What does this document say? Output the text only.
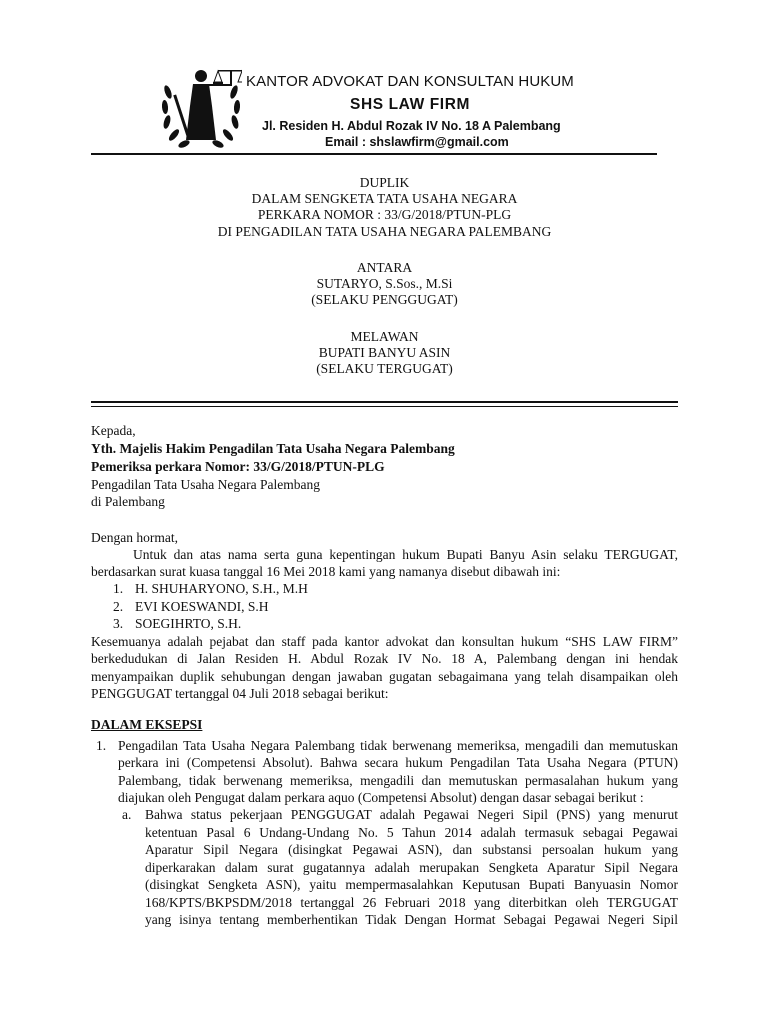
KANTOR ADVOKAT DAN KONSULTAN HUKUM
SHS LAW FIRM
Jl. Residen H. Abdul Rozak IV No. 18 A Palembang
Email : shslawfirm@gmail.com
DUPLIK
DALAM SENGKETA TATA USAHA NEGARA
PERKARA NOMOR : 33/G/2018/PTUN-PLG
DI PENGADILAN TATA USAHA NEGARA PALEMBANG
ANTARA
SUTARYO, S.Sos., M.Si
(SELAKU PENGGUGAT)
MELAWAN
BUPATI BANYU ASIN
(SELAKU TERGUGAT)
Kepada,
Yth. Majelis Hakim Pengadilan Tata Usaha Negara Palembang
Pemeriksa perkara Nomor: 33/G/2018/PTUN-PLG
Pengadilan Tata Usaha Negara Palembang
di Palembang
Dengan hormat,
Untuk dan atas nama serta guna kepentingan hukum Bupati Banyu Asin selaku TERGUGAT,
berdasarkan surat kuasa tanggal 16 Mei 2018 kami yang namanya disebut dibawah ini:
1. H. SHUHARYONO, S.H., M.H
2. EVI KOESWANDI, S.H
3. SOEGIHRTO, S.H.
Kesemuanya adalah pejabat dan staff pada kantor advokat dan konsultan hukum “SHS LAW FIRM”
berkedudukan di Jalan Residen H. Abdul Rozak IV No. 18 A, Palembang dengan ini hendak
menyampaikan duplik sehubungan dengan jawaban gugatan sebagaimana yang telah disampaikan oleh
PENGGUGAT tertanggal 04 Juli 2018 sebagai berikut:
DALAM EKSEPSI
1. Pengadilan Tata Usaha Negara Palembang tidak berwenang memeriksa, mengadili dan memutuskan
perkara ini (Competensi Absolut). Bahwa secara hukum Pengadilan Tata Usaha Negara (PTUN)
Palembang, tidak berwenang memeriksa, mengadili dan memutuskan permasalahan hukum yang
diajukan oleh Pengugat dalam perkara aquo (Competensi Absolut) dengan dasar sebagai berikut :
a. Bahwa status pekerjaan PENGGUGAT adalah Pegawai Negeri Sipil (PNS) yang menurut
ketentuan Pasal 6 Undang-Undang No. 5 Tahun 2014 adalah termasuk sebagai Pegawai
Aparatur Sipil Negara (disingkat Pegawai ASN), dan substansi persoalan hukum yang
diperkarakan dalam surat gugatannya adalah merupakan Sengketa Aparatur Sipil Negara
(disingkat Sengketa ASN), yaitu mempermasalahkan Keputusan Bupati Banyuasin Nomor
168/KPTS/BKPSDM/2018 tertanggal 26 Februari 2018 yang diterbitkan oleh TERGUGAT
yang isinya tentang memberhentikan Tidak Dengan Hormat Sebagai Pegawai Negeri Sipil
